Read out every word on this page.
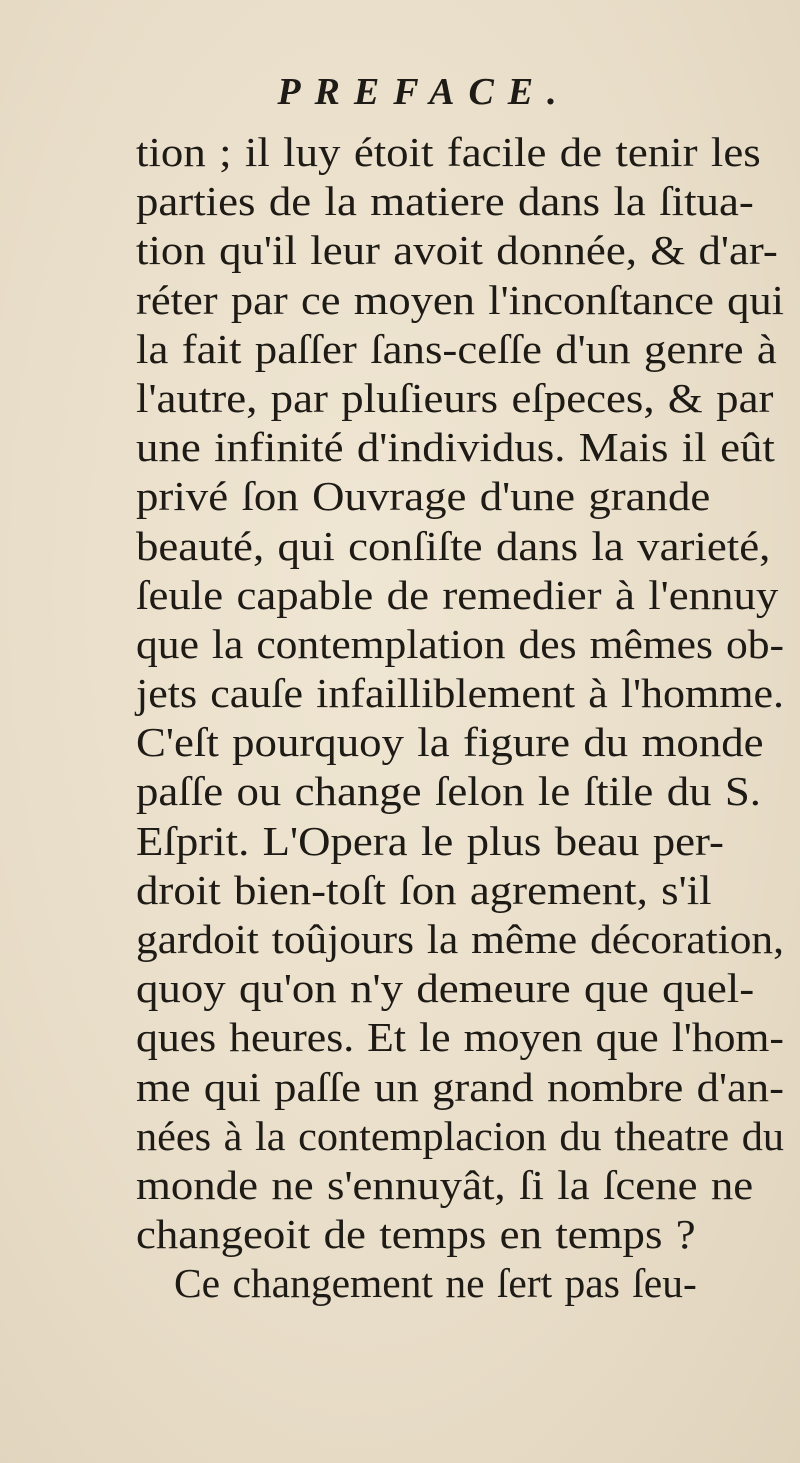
PREFACE.
tion ; il luy étoit facile de tenir les
parties de la matiere dans la ſitua-
tion qu'il leur avoit donnée, & d'ar-
réter par ce moyen l'inconſtance qui
la fait paſſer ſans-ceſſe d'un genre à
l'autre, par pluſieurs eſpeces, & par
une infinité d'individus. Mais il eût
privé ſon Ouvrage d'une grande
beauté, qui conſiſte dans la varieté,
ſeule capable de remedier à l'ennuy
que la contemplation des mêmes ob-
jets cauſe infailliblement à l'homme.
C'eſt pourquoy la figure du monde
paſſe ou change ſelon le ſtile du S.
Eſprit. L'Opera le plus beau per-
droit bien-toſt ſon agrement, s'il
gardoit toûjours la même décoration,
quoy qu'on n'y demeure que quel-
ques heures. Et le moyen que l'hom-
me qui paſſe un grand nombre d'an-
nées à la contemplacion du theatre du
monde ne s'ennuyât, ſi la ſcene ne
changeoit de temps en temps ?
Ce changement ne ſert pas ſeu-
